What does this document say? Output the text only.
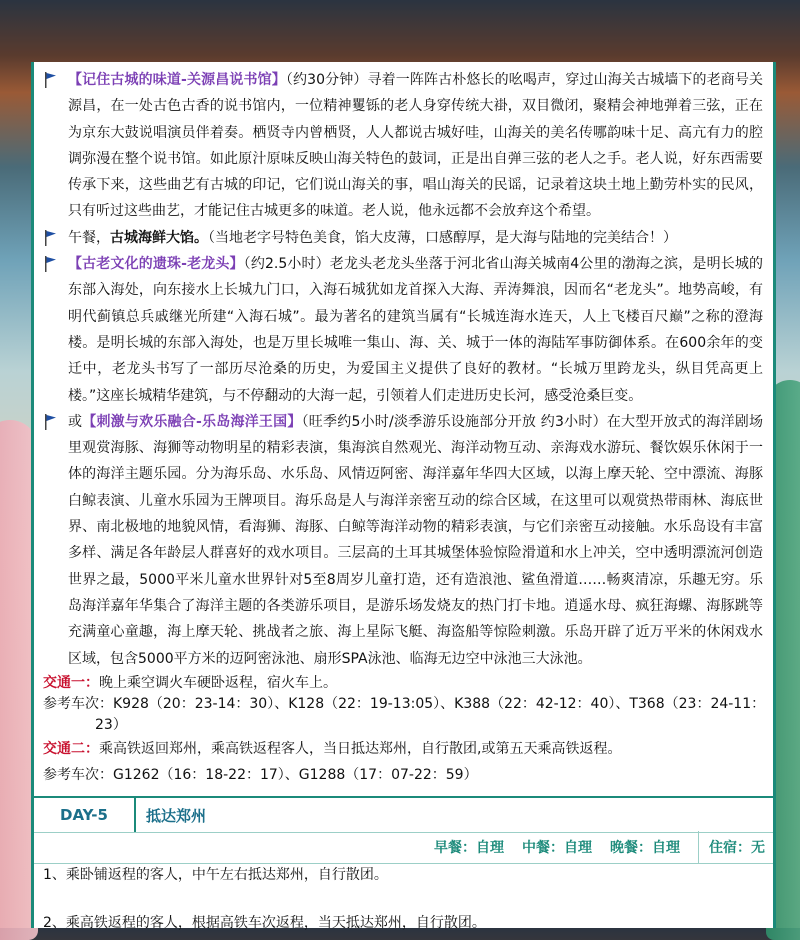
【记住古城的味道-关源昌说书馆】（约30分钟）寻着一阵阵古朴悠长的吆喝声，穿过山海关古城墙下的老商号关源昌，在一处古色古香的说书馆内，一位精神矍铄的老人身穿传统大褂，双目微闭，聚精会神地弹着三弦，正在为京东大鼓说唱演员伴着奏。栖贤寺内曾栖贤，人人都说古城好哇，山海关的美名传哪韵味十足、高亢有力的腔调弥漫在整个说书馆。如此原汁原味反映山海关特色的鼓词，正是出自弹三弦的老人之手。老人说，好东西需要传承下来，这些曲艺有古城的印记，它们说山海关的事，唱山海关的民谣，记录着这块土地上勤劳朴实的民风，只有听过这些曲艺，才能记住古城更多的味道。老人说，他永远都不会放弃这个希望。
午餐，古城海鲜大馅。（当地老字号特色美食，馅大皮薄，口感醇厚，是大海与陆地的完美结合！）
【古老文化的遗珠-老龙头】（约2.5小时）老龙头老龙头坐落于河北省山海关城南4公里的渤海之滨，是明长城的东部入海处，向东接水上长城九门口，入海石城犹如龙首探入大海、弄涛舞浪，因而名“老龙头”。地势高峻，有明代蓟镇总兵戚继光所建“入海石城”。最为著名的建筑当属有“长城连海水连天，人上飞楼百尺巅”之称的澄海楼。是明长城的东部入海处，也是万里长城唯一集山、海、关、城于一体的海陆军事防御体系。在600余年的变迁中，老龙头书写了一部历尽沧桑的历史，为爱国主义提供了良好的教材。“长城万里跨龙头，纵目凭高更上楼。”这座长城精华建筑，与不停翻动的大海一起，引领着人们走进历史长河，感受沧桑巨变。
或【刺激与欢乐融合-乐岛海洋王国】（旺季约5小时/淡季游乐设施部分开放 约3小时）在大型开放式的海洋剧场里观赏海豚、海狮等动物明星的精彩表演，集海滨自然观光、海洋动物互动、亲海戏水游玩、餐饮娱乐休闲于一体的海洋主题乐园。分为海乐岛、水乐岛、风情迈阿密、海洋嘉年华四大区域，以海上摩天轮、空中漂流、海豚白鲸表演、儿童水乐园为王牌项目。海乐岛是人与海洋亲密互动的综合区域，在这里可以观赏热带雨林、海底世界、南北极地的地貌风情，看海狮、海豚、白鲸等海洋动物的精彩表演，与它们亲密互动接触。水乐岛设有丰富多样、满足各年龄层人群喜好的戏水项目。三层高的土耳其城堡体验惊险滑道和水上冲关，空中透明漂流河创造世界之最，5000平米儿童水世界针对5至8周岁儿童打造，还有造浪池、鲨鱼滑道……畅爽清凉，乐趣无穷。乐岛海洋嘉年华集合了海洋主题的各类游乐项目，是游乐场发烧友的热门打卡地。逍遥水母、疯狂海螺、海豚跳等充满童心童趣，海上摩天轮、挑战者之旅、海上星际飞艇、海盗船等惊险刺激。乐岛开辟了近万平米的休闲戏水区域，包含5000平方米的迈阿密泳池、扇形SPA泳池、临海无边空中泳池三大泳池。
交通一：晚上乘空调火车硬卧返程，宿火车上。
参考车次：K928（20：23-14：30）、K128（22：19-13:05）、K388（22：42-12：40）、T368（23：24-11：
23）
交通二：乘高铁返回郑州，乘高铁返程客人，当日抵达郑州，自行散团,或第五天乘高铁返程。
参考车次：G1262（16：18-22：17）、G1288（17：07-22：59）
DAY-5	抵达郑州
早餐：自理 中餐：自理 晚餐：自理	住宿：无
1、乘卧铺返程的客人，中午左右抵达郑州，自行散团。
2、乘高铁返程的客人，根据高铁车次返程，当天抵达郑州，自行散团。
